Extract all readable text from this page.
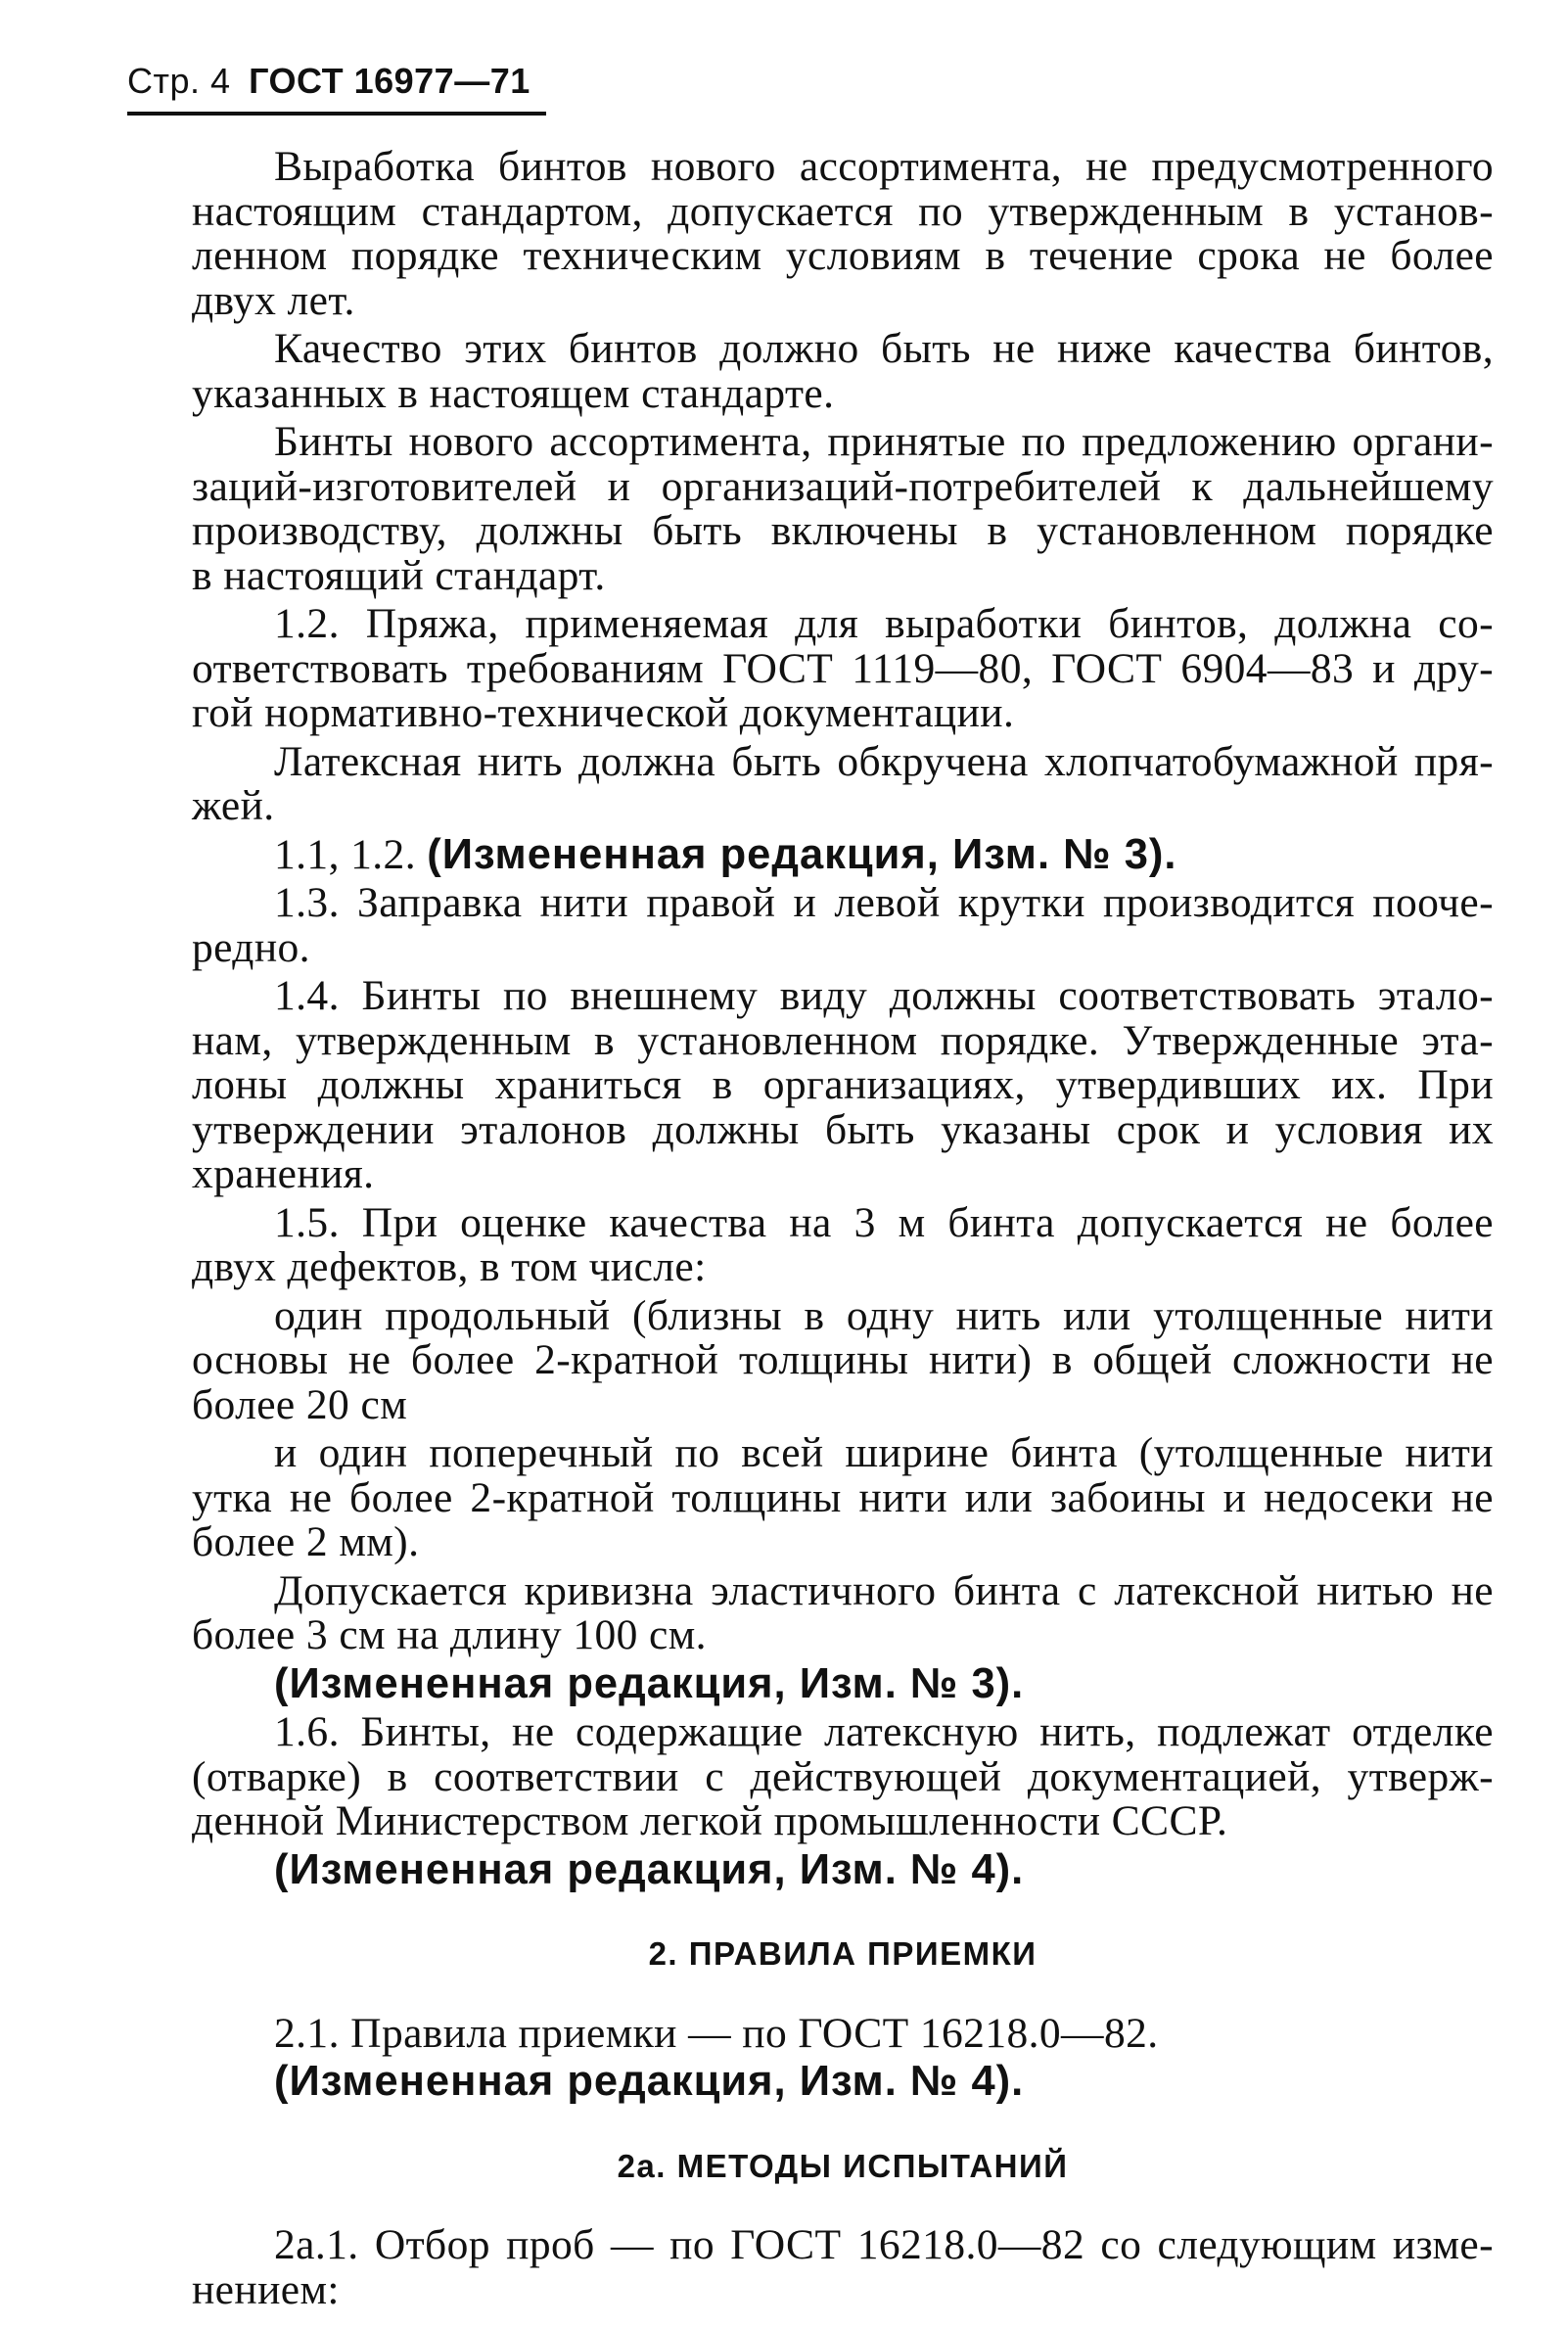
Стр. 4 ГОСТ 16977—71
Выработка бинтов нового ассортимента, не предусмотренного
настоящим стандартом, допускается по утвержденным в установ-
ленном порядке техническим условиям в течение срока не более
двух лет.
Качество этих бинтов должно быть не ниже качества бинтов,
указанных в настоящем стандарте.
Бинты нового ассортимента, принятые по предложению органи-
заций-изготовителей и организаций-потребителей к дальнейшему
производству, должны быть включены в установленном порядке
в настоящий стандарт.
1.2. Пряжа, применяемая для выработки бинтов, должна со-
ответствовать требованиям ГОСТ 1119—80, ГОСТ 6904—83 и дру-
гой нормативно-технической документации.
Латексная нить должна быть обкручена хлопчатобумажной пря-
жей.
1.1, 1.2. (Измененная редакция, Изм. № 3).
1.3. Заправка нити правой и левой крутки производится пооче-
редно.
1.4. Бинты по внешнему виду должны соответствовать этало-
нам, утвержденным в установленном порядке. Утвержденные эта-
лоны должны храниться в организациях, утвердивших их. При
утверждении эталонов должны быть указаны срок и условия их
хранения.
1.5. При оценке качества на 3 м бинта допускается не более
двух дефектов, в том числе:
один продольный (близны в одну нить или утолщенные нити
основы не более 2-кратной толщины нити) в общей сложности не
более 20 см
и один поперечный по всей ширине бинта (утолщенные нити
утка не более 2-кратной толщины нити или забоины и недосеки не
более 2 мм).
Допускается кривизна эластичного бинта с латексной нитью не
более 3 см на длину 100 см.
(Измененная редакция, Изм. № 3).
1.6. Бинты, не содержащие латексную нить, подлежат отделке
(отварке) в соответствии с действующей документацией, утверж-
денной Министерством легкой промышленности СССР.
(Измененная редакция, Изм. № 4).
2. ПРАВИЛА ПРИЕМКИ
2.1. Правила приемки — по ГОСТ 16218.0—82.
(Измененная редакция, Изм. № 4).
2а. МЕТОДЫ ИСПЫТАНИЙ
2а.1. Отбор проб — по ГОСТ 16218.0—82 со следующим изме-
нением:
